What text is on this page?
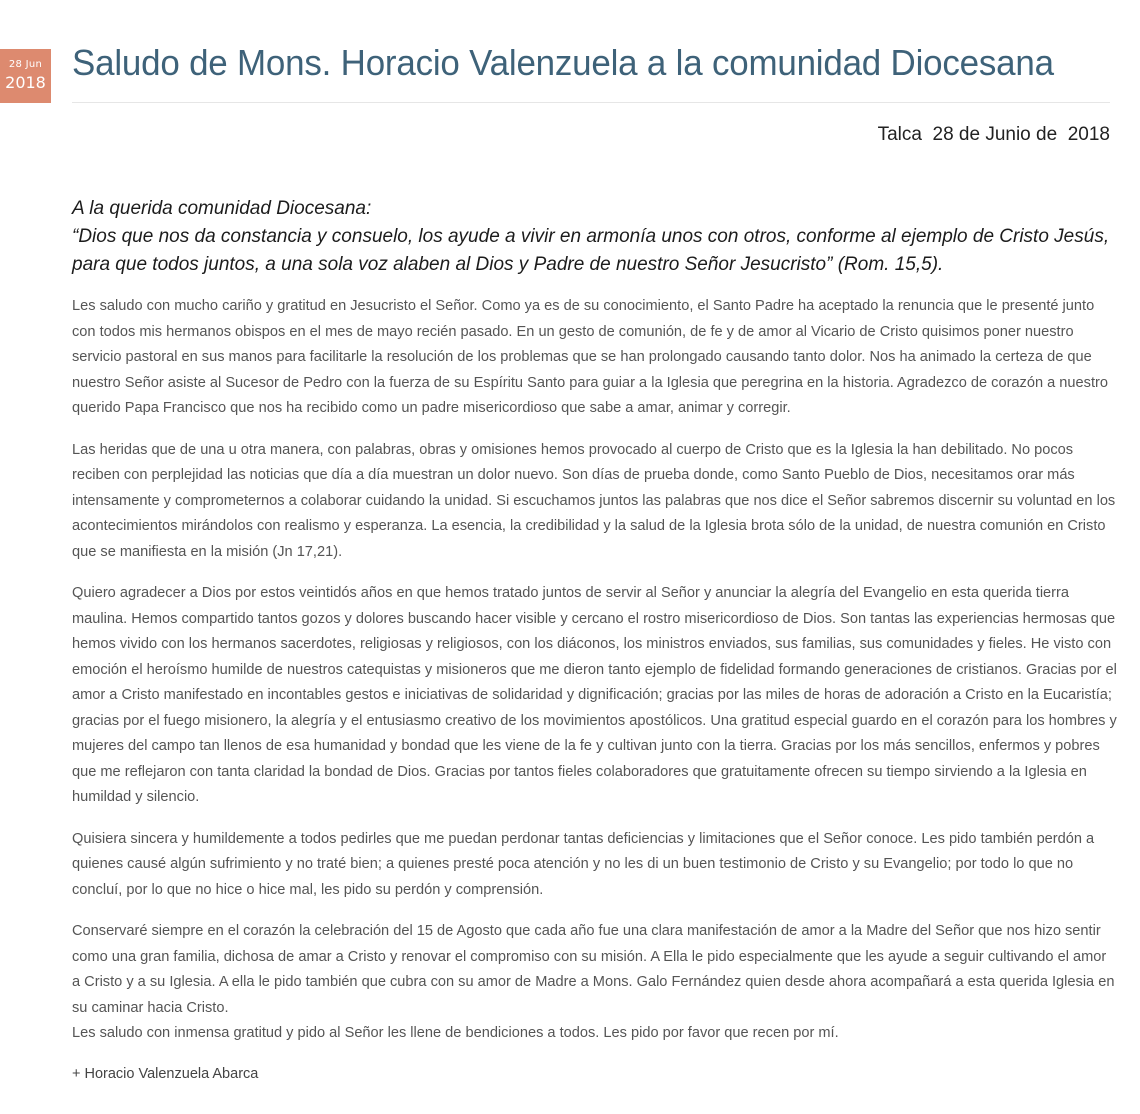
28 Jun
2018 Saludo de Mons. Horacio Valenzuela a la comunidad Diocesana
Talca  28 de Junio de  2018

A la querida comunidad Diocesana:

“Dios que nos da constancia y consuelo, los ayude a vivir en armonía unos con otros, conforme al ejemplo de Cristo Jesús, para que todos juntos, a una sola voz alaben al Dios y Padre de nuestro Señor Jesucristo” (Rom. 15,5).

Les saludo con mucho cariño y gratitud en Jesucristo el Señor. Como ya es de su conocimiento, el Santo Padre ha aceptado la renuncia que le presenté junto con todos mis hermanos obispos en el mes de mayo recién pasado. En un gesto de comunión, de fe y de amor al Vicario de Cristo quisimos poner nuestro servicio pastoral en sus manos para facilitarle la resolución de los problemas que se han prolongado causando tanto dolor. Nos ha animado la certeza de que nuestro Señor asiste al Sucesor de Pedro con la fuerza de su Espíritu Santo para guiar a la Iglesia que peregrina en la historia. Agradezco de corazón a nuestro querido Papa Francisco que nos ha recibido como un padre misericordioso que sabe a amar, animar y corregir.

Las heridas que de una u otra manera, con palabras, obras y omisiones hemos provocado al cuerpo de Cristo que es la Iglesia la han debilitado. No pocos reciben con perplejidad las noticias que día a día muestran un dolor nuevo. Son días de prueba donde, como Santo Pueblo de Dios, necesitamos orar más intensamente y comprometernos a colaborar cuidando la unidad. Si escuchamos juntos las palabras que nos dice el Señor sabremos discernir su voluntad en los acontecimientos mirándolos con realismo y esperanza. La esencia, la credibilidad y la salud de la Iglesia brota sólo de la unidad, de nuestra comunión en Cristo que se manifiesta en la misión (Jn 17,21).

Quiero agradecer a Dios por estos veintidós años en que hemos tratado juntos de servir al Señor y anunciar la alegría del Evangelio en esta querida tierra maulina. Hemos compartido tantos gozos y dolores buscando hacer visible y cercano el rostro misericordioso de Dios. Son tantas las experiencias hermosas que hemos vivido con los hermanos sacerdotes, religiosas y religiosos, con los diáconos, los ministros enviados, sus familias, sus comunidades y fieles. He visto con emoción el heroísmo humilde de nuestros catequistas y misioneros que me dieron tanto ejemplo de fidelidad formando generaciones de cristianos. Gracias por el amor a Cristo manifestado en incontables gestos e iniciativas de solidaridad y dignificación; gracias por las miles de horas de adoración a Cristo en la Eucaristía; gracias por el fuego misionero, la alegría y el entusiasmo creativo de los movimientos apostólicos. Una gratitud especial guardo en el corazón para los hombres y mujeres del campo tan llenos de esa humanidad y bondad que les viene de la fe y cultivan junto con la tierra. Gracias por los más sencillos, enfermos y pobres que me reflejaron con tanta claridad la bondad de Dios. Gracias por tantos fieles colaboradores que gratuitamente ofrecen su tiempo sirviendo a la Iglesia en humildad y silencio.

Quisiera sincera y humildemente a todos pedirles que me puedan perdonar tantas deficiencias y limitaciones que el Señor conoce. Les pido también perdón a quienes causé algún sufrimiento y no traté bien; a quienes presté poca atención y no les di un buen testimonio de Cristo y su Evangelio; por todo lo que no concluí, por lo que no hice o hice mal, les pido su perdón y comprensión.

Conservaré siempre en el corazón la celebración del 15 de Agosto que cada año fue una clara manifestación de amor a la Madre del Señor que nos hizo sentir como una gran familia, dichosa de amar a Cristo y renovar el compromiso con su misión. A Ella le pido especialmente que les ayude a seguir cultivando el amor a Cristo y a su Iglesia. A ella le pido también que cubra con su amor de Madre a Mons. Galo Fernández quien desde ahora acompañará a esta querida Iglesia en su caminar hacia Cristo.

Les saludo con inmensa gratitud y pido al Señor les llene de bendiciones a todos. Les pido por favor que recen por mí.

+ Horacio Valenzuela Abarca
